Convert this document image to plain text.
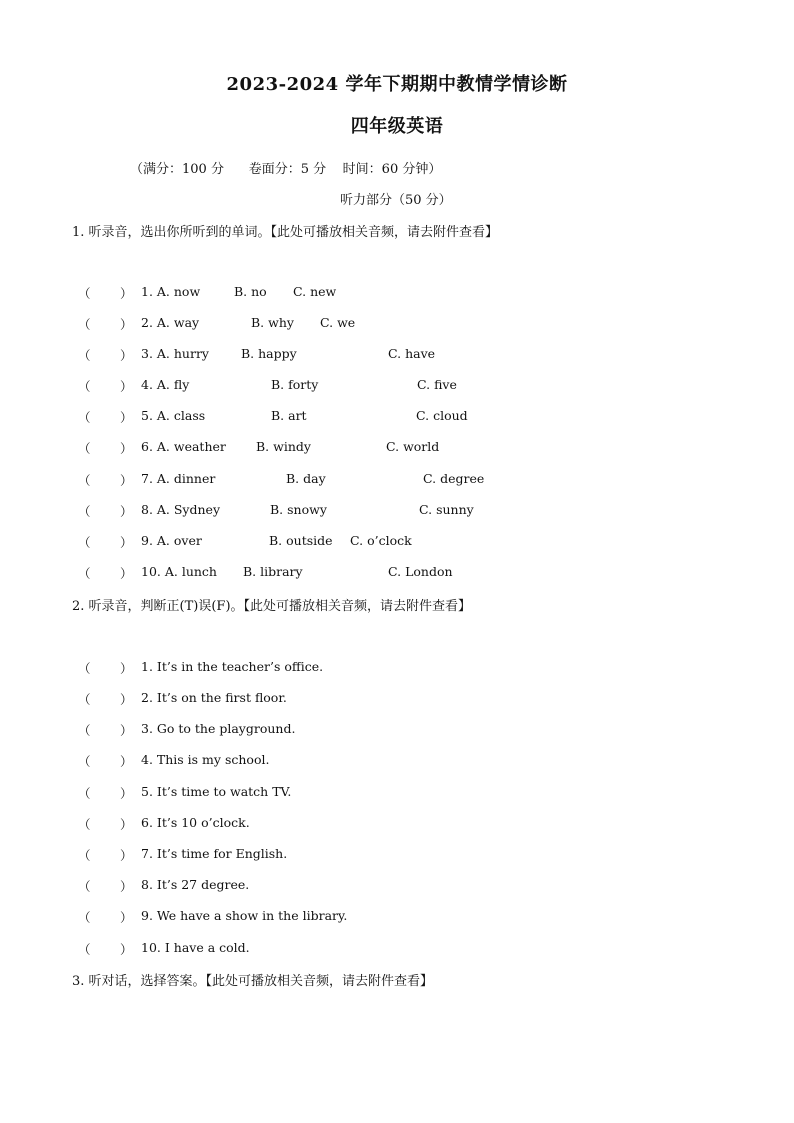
2023-2024 学年下期期中教情学情诊断
四年级英语
（满分：100 分      卷面分：5 分    时间：60 分钟）
听力部分（50 分）
1. 听录音，选出你所听到的单词。【此处可播放相关音频，请去附件查看】
（ ） 1. A. now	B. no C. new
（ ） 2. A. way	B. why C. we
（ ） 3. A. hurry	B. happy	C. have
（ ） 4. A. fly	B. forty	C. five
（ ） 5. A. class	B. art	C. cloud
（ ） 6. A. weather B. windy	C. world
（ ） 7. A. dinner	B. day	C. degree
（ ） 8. A. Sydney	B. snowy	C. sunny
（ ） 9. A. over	B. outside C. o’clock
（ ） 10. A. lunch B. library	C. London
2. 听录音，判断正(T)误(F)。【此处可播放相关音频，请去附件查看】
（ ） 1. It’s in the teacher’s office.
（ ） 2. It’s on the first floor.
（ ） 3. Go to the playground.
（ ） 4. This is my school.
（ ） 5. It’s time to watch TV.
（ ） 6. It’s 10 o’clock.
（ ） 7. It’s time for English.
（ ） 8. It’s 27 degree.
（ ） 9. We have a show in the library.
（ ） 10. I have a cold.
3. 听对话，选择答案。【此处可播放相关音频，请去附件查看】
